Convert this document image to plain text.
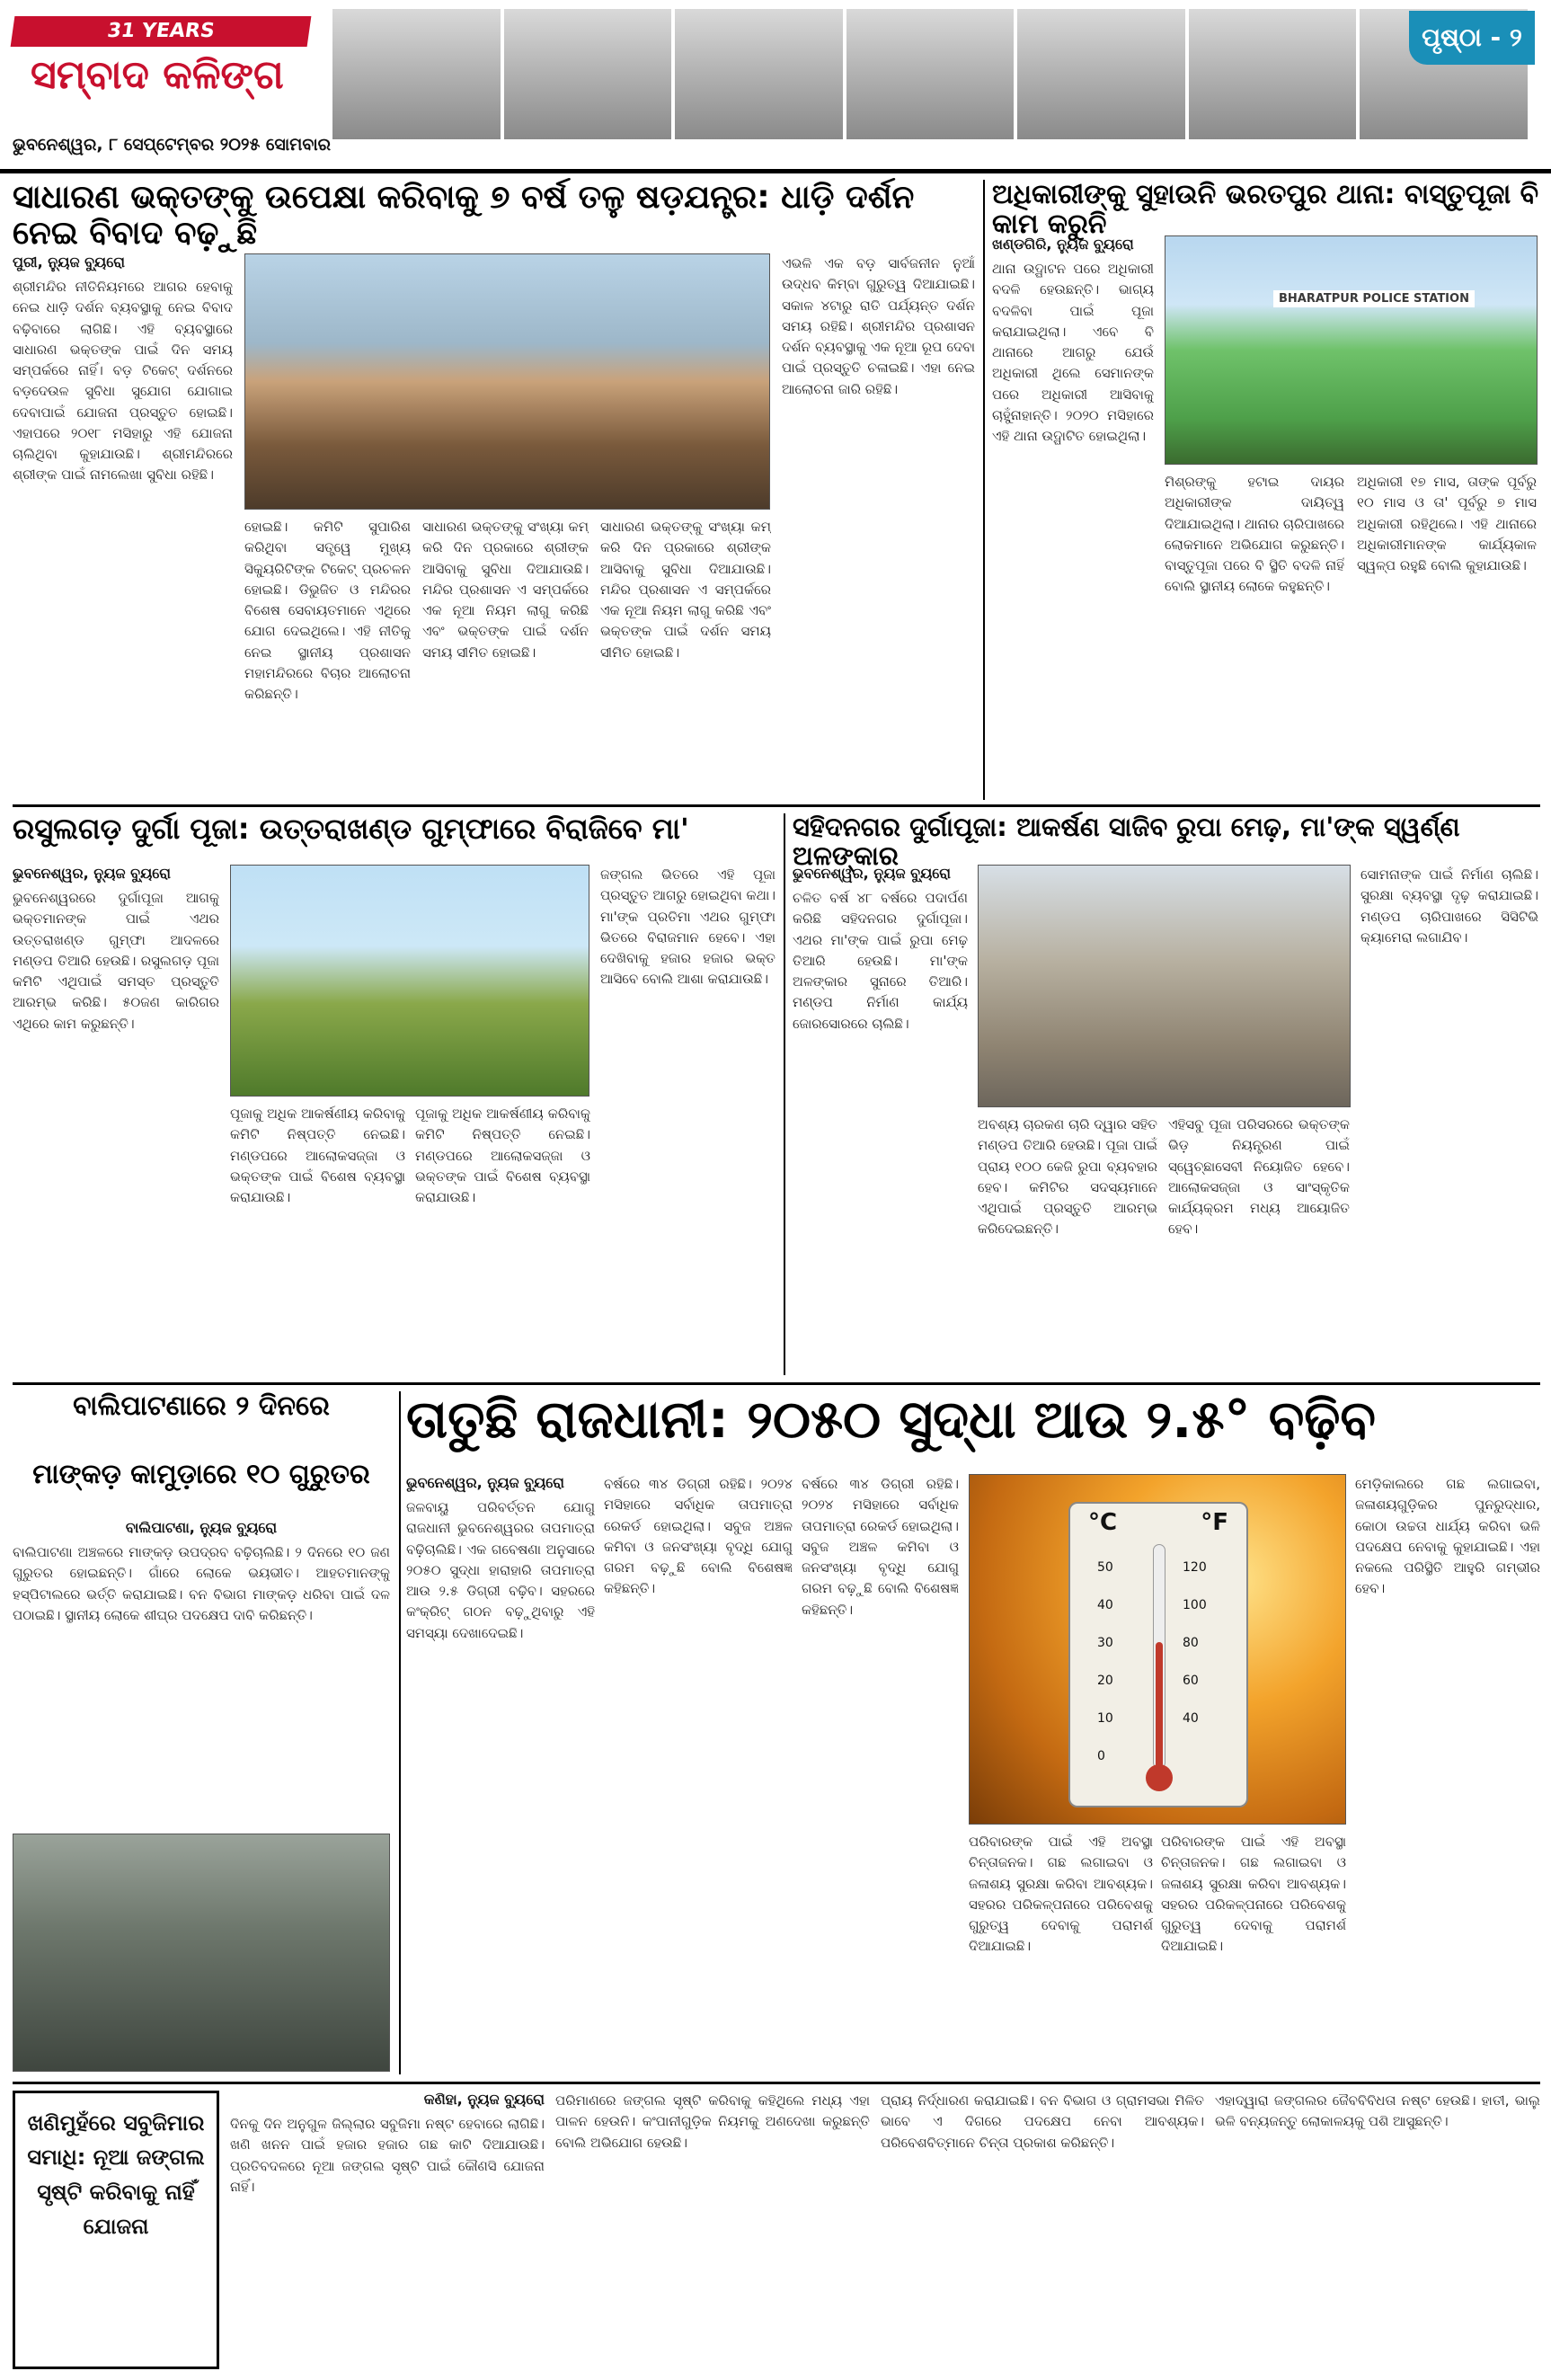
31 YEARS
ସମ୍ବାଦ କଳିଙ୍ଗ
ଭୁବନେଶ୍ୱର, ୮ ସେପ୍ଟେମ୍ବର ୨୦୨୫ ସୋମବାର
ପୃଷ୍ଠା - ୨
ସାଧାରଣ ଭକ୍ତଙ୍କୁ ଉପେକ୍ଷା କରିବାକୁ ୭ ବର୍ଷ ତଳୁ ଷଡ଼ଯନ୍ତ୍ର: ଧାଡ଼ି ଦର୍ଶନ ନେଇ ବିବାଦ ବଢ଼ୁଛି
ପୁରୀ, ନ୍ୟୁଜ ବ୍ୟୁରୋ
ଶ୍ରୀମନ୍ଦିର ନୀତିନିୟମରେ ଆଗର ହେବାକୁ ନେଇ ଧାଡ଼ି ଦର୍ଶନ ବ୍ୟବସ୍ଥାକୁ ନେଇ ବିବାଦ ବଢ଼ିବାରେ ଲାଗିଛି। ଏହି ବ୍ୟବସ୍ଥାରେ ସାଧାରଣ ଭକ୍ତଙ୍କ ପାଇଁ ଦିନ ସମୟ ସମ୍ପର୍କରେ ନାହିଁ। ବଡ଼ ଟିକେଟ୍ ଦର୍ଶନରେ ବଡ଼ଦେଉଳ ସୁବିଧା ସୁଯୋଗ ଯୋଗାଇ ଦେବାପାଇଁ ଯୋଜନା ପ୍ରସ୍ତୁତ ହୋଇଛି। ଏହାପରେ ୨୦୧୮ ମସିହାରୁ ଏହି ଯୋଜନା ଚାଲିଥିବା କୁହାଯାଉଛି। ଶ୍ରୀମନ୍ଦିରରେ ଶ୍ରୀଙ୍କ ପାଇଁ ନାମଲେଖା ସୁବିଧା ରହିଛି।
ହୋଇଛି। କମିଟି ସୁପାରିଶ କରିଥିବା ସତ୍ତ୍ୱେ ମୁଖ୍ୟ ସିକ୍ୟୁରିଟିଙ୍କ ଟିକେଟ୍ ପ୍ରଚଳନ ହୋଇଛି। ଡିଭୁଜିତ ଓ ମନ୍ଦିରର ବିଶେଷ ସେବାୟତମାନେ ଏଥିରେ ଯୋଗ ଦେଇଥିଲେ। ଏହି ନୀତିକୁ ନେଇ ସ୍ଥାନୀୟ ପ୍ରଶାସନ ମହାମନ୍ଦିରରେ ବିଚାର ଆଲୋଚନା କରିଛନ୍ତି।
ସାଧାରଣ ଭକ୍ତଙ୍କୁ ସଂଖ୍ୟା କମ୍ କରି ଦିନ ପ୍ରକାରେ ଶ୍ରୀଙ୍କ ଆସିବାକୁ ସୁବିଧା ଦିଆଯାଉଛି। ମନ୍ଦିର ପ୍ରଶାସନ ଏ ସମ୍ପର୍କରେ ଏକ ନୂଆ ନିୟମ ଲାଗୁ କରିଛି ଏବଂ ଭକ୍ତଙ୍କ ପାଇଁ ଦର୍ଶନ ସମୟ ସୀମିତ ହୋଇଛି।
ସାଧାରଣ ଭକ୍ତଙ୍କୁ ସଂଖ୍ୟା କମ୍ କରି ଦିନ ପ୍ରକାରେ ଶ୍ରୀଙ୍କ ଆସିବାକୁ ସୁବିଧା ଦିଆଯାଉଛି। ମନ୍ଦିର ପ୍ରଶାସନ ଏ ସମ୍ପର୍କରେ ଏକ ନୂଆ ନିୟମ ଲାଗୁ କରିଛି ଏବଂ ଭକ୍ତଙ୍କ ପାଇଁ ଦର୍ଶନ ସମୟ ସୀମିତ ହୋଇଛି।
ଏଭଳି ଏକ ବଡ଼ ସାର୍ବଜନୀନ ନୁଆଁ ଉଦ୍ଧବ କିମ୍ବା ଗୁରୁତ୍ୱ ଦିଆଯାଇଛି। ସକାଳ ୪ଟାରୁ ରାତି ପର୍ଯ୍ୟନ୍ତ ଦର୍ଶନ ସମୟ ରହିଛି। ଶ୍ରୀମନ୍ଦିର ପ୍ରଶାସନ ଦର୍ଶନ ବ୍ୟବସ୍ଥାକୁ ଏକ ନୂଆ ରୂପ ଦେବା ପାଇଁ ପ୍ରସ୍ତୁତି ଚଳାଇଛି। ଏହା ନେଇ ଆଲୋଚନା ଜାରି ରହିଛି।
ଅଧିକାରୀଙ୍କୁ ସୁହାଉନି ଭରତପୁର ଥାନା: ବାସ୍ତୁପୂଜା ବି କାମ କରୁନି
ଖଣ୍ଡଗିରି, ନ୍ୟୁଜ ବ୍ୟୁରୋ
ଥାନା ଉଦ୍ଘାଟନ ପରେ ଅଧିକାରୀ ବଦଳି ହେଉଛନ୍ତି। ଭାଗ୍ୟ ବଦଳିବା ପାଇଁ ପୂଜା କରାଯାଇଥିଲା। ଏବେ ବି ଥାନାରେ ଆଗରୁ ଯେଉଁ ଅଧିକାରୀ ଥିଲେ ସେମାନଙ୍କ ପରେ ଅଧିକାରୀ ଆସିବାକୁ ଚାହୁଁନାହାନ୍ତି। ୨୦୨୦ ମସିହାରେ ଏହି ଥାନା ଉଦ୍ଘାଟିତ ହୋଇଥିଲା।
BHARATPUR POLICE STATION
ମିଶ୍ରଙ୍କୁ ହଟାଇ ଦାୟର ଅଧିକାରୀଙ୍କ ଦାୟିତ୍ୱ ଦିଆଯାଇଥିଲା। ଥାନାର ଚାରିପାଖରେ ଲୋକମାନେ ଅଭିଯୋଗ କରୁଛନ୍ତି। ବାସ୍ତୁପୂଜା ପରେ ବି ସ୍ଥିତି ବଦଳି ନାହିଁ ବୋଲି ସ୍ଥାନୀୟ ଲୋକେ କହୁଛନ୍ତି।
ଅଧିକାରୀ ୧୭ ମାସ, ତାଙ୍କ ପୂର୍ବରୁ ୧୦ ମାସ ଓ ତା' ପୂର୍ବରୁ ୭ ମାସ ଅଧିକାରୀ ରହିଥିଲେ। ଏହି ଥାନାରେ ଅଧିକାରୀମାନଙ୍କ କାର୍ଯ୍ୟକାଳ ସ୍ୱଳ୍ପ ରହୁଛି ବୋଲି କୁହାଯାଉଛି।
ରସୁଲଗଡ଼ ଦୁର୍ଗା ପୂଜା: ଉତ୍ତରାଖଣ୍ଡ ଗୁମ୍ଫାରେ ବିରାଜିବେ ମା'
ଭୁବନେଶ୍ୱର, ନ୍ୟୁଜ ବ୍ୟୁରୋ
ଭୁବନେଶ୍ୱରରେ ଦୁର୍ଗାପୂଜା ଆଗକୁ ଭକ୍ତମାନଙ୍କ ପାଇଁ ଏଥର ଉତ୍ତରାଖଣ୍ଡ ଗୁମ୍ଫା ଆଦଳରେ ମଣ୍ଡପ ତିଆରି ହେଉଛି। ରସୁଲଗଡ଼ ପୂଜା କମିଟି ଏଥିପାଇଁ ସମସ୍ତ ପ୍ରସ୍ତୁତି ଆରମ୍ଭ କରିଛି। ୫୦ଜଣ କାରିଗର ଏଥିରେ କାମ କରୁଛନ୍ତି।
ପୂଜାକୁ ଅଧିକ ଆକର୍ଷଣୀୟ କରିବାକୁ କମିଟି ନିଷ୍ପତ୍ତି ନେଇଛି। ମଣ୍ଡପରେ ଆଲୋକସଜ୍ଜା ଓ ଭକ୍ତଙ୍କ ପାଇଁ ବିଶେଷ ବ୍ୟବସ୍ଥା କରାଯାଉଛି।
ପୂଜାକୁ ଅଧିକ ଆକର୍ଷଣୀୟ କରିବାକୁ କମିଟି ନିଷ୍ପତ୍ତି ନେଇଛି। ମଣ୍ଡପରେ ଆଲୋକସଜ୍ଜା ଓ ଭକ୍ତଙ୍କ ପାଇଁ ବିଶେଷ ବ୍ୟବସ୍ଥା କରାଯାଉଛି।
ଜଙ୍ଗଲ ଭିତରେ ଏହି ପୂଜା ପ୍ରସ୍ତୁତ ଆଗରୁ ହୋଇଥିବା କଥା। ମା'ଙ୍କ ପ୍ରତିମା ଏଥର ଗୁମ୍ଫା ଭିତରେ ବିରାଜମାନ ହେବେ। ଏହା ଦେଖିବାକୁ ହଜାର ହଜାର ଭକ୍ତ ଆସିବେ ବୋଲି ଆଶା କରାଯାଉଛି।
ସହିଦନଗର ଦୁର୍ଗାପୂଜା: ଆକର୍ଷଣ ସାଜିବ ରୁପା ମେଢ଼, ମା'ଙ୍କ ସ୍ୱର୍ଣ୍ଣ ଅଳଙ୍କାର
ଭୁବନେଶ୍ୱର, ନ୍ୟୁଜ ବ୍ୟୁରୋ
ଚଳିତ ବର୍ଷ ୪୮ ବର୍ଷରେ ପଦାର୍ପଣ କରିଛି ସହିଦନଗର ଦୁର୍ଗାପୂଜା। ଏଥର ମା'ଙ୍କ ପାଇଁ ରୁପା ମେଢ଼ ତିଆରି ହେଉଛି। ମା'ଙ୍କ ଅଳଙ୍କାର ସୁନାରେ ତିଆରି। ମଣ୍ଡପ ନିର୍ମାଣ କାର୍ଯ୍ୟ ଜୋରସୋରରେ ଚାଲିଛି।
ଅବଶ୍ୟ ଚାରକଣ ଚାରି ଦ୍ୱାର ସହିତ ମଣ୍ଡପ ତିଆରି ହେଉଛି। ପୂଜା ପାଇଁ ପ୍ରାୟ ୧୦୦ କେଜି ରୁପା ବ୍ୟବହାର ହେବ। କମିଟିର ସଦସ୍ୟମାନେ ଏଥିପାଇଁ ପ୍ରସ୍ତୁତି ଆରମ୍ଭ କରିଦେଇଛନ୍ତି।
ଏହିସବୁ ପୂଜା ପରିସରରେ ଭକ୍ତଙ୍କ ଭିଡ଼ ନିୟନ୍ତ୍ରଣ ପାଇଁ ସ୍ୱେଚ୍ଛାସେବୀ ନିୟୋଜିତ ହେବେ। ଆଲୋକସଜ୍ଜା ଓ ସାଂସ୍କୃତିକ କାର୍ଯ୍ୟକ୍ରମ ମଧ୍ୟ ଆୟୋଜିତ ହେବ।
ସୋମନାଙ୍କ ପାଇଁ ନିର୍ମାଣ ଚାଲିଛି। ସୁରକ୍ଷା ବ୍ୟବସ୍ଥା ଦୃଢ଼ କରାଯାଇଛି। ମଣ୍ଡପ ଚାରିପାଖରେ ସିସିଟିଭି କ୍ୟାମେରା ଲଗାଯିବ।
ବାଲିପାଟଣାରେ ୨ ଦିନରେ
ମାଙ୍କଡ଼ କାମୁଡ଼ାରେ ୧୦ ଗୁରୁତର
ବାଲିପାଟଣା, ନ୍ୟୁଜ ବ୍ୟୁରୋ
ବାଲିପାଟଣା ଅଞ୍ଚଳରେ ମାଙ୍କଡ଼ ଉପଦ୍ରବ ବଢ଼ିଚାଲିଛି। ୨ ଦିନରେ ୧୦ ଜଣ ଗୁରୁତର ହୋଇଛନ୍ତି। ଗାଁରେ ଲୋକେ ଭୟଭୀତ। ଆହତମାନଙ୍କୁ ହସ୍ପିଟାଲରେ ଭର୍ତ୍ତି କରାଯାଇଛି। ବନ ବିଭାଗ ମାଙ୍କଡ଼ ଧରିବା ପାଇଁ ଦଳ ପଠାଇଛି। ସ୍ଥାନୀୟ ଲୋକେ ଶୀଘ୍ର ପଦକ୍ଷେପ ଦାବି କରିଛନ୍ତି।
ତାତୁଛି ରାଜଧାନୀ: ୨୦୫୦ ସୁଦ୍ଧା ଆଉ ୨.୫° ବଢ଼ିବ
ଭୁବନେଶ୍ୱର, ନ୍ୟୁଜ ବ୍ୟୁରୋ
ଜଳବାୟୁ ପରିବର୍ତ୍ତନ ଯୋଗୁ ରାଜଧାନୀ ଭୁବନେଶ୍ୱରର ତାପମାତ୍ରା ବଢ଼ିଚାଲିଛି। ଏକ ଗବେଷଣା ଅନୁସାରେ ୨୦୫୦ ସୁଦ୍ଧା ହାରାହାରି ତାପମାତ୍ରା ଆଉ ୨.୫ ଡିଗ୍ରୀ ବଢ଼ିବ। ସହରରେ କଂକ୍ରିଟ୍ ଗଠନ ବଢ଼ୁଥିବାରୁ ଏହି ସମସ୍ୟା ଦେଖାଦେଇଛି।
ବର୍ଷରେ ୩୪ ଡିଗ୍ରୀ ରହିଛି। ୨୦୨୪ ମସିହାରେ ସର୍ବାଧିକ ତାପମାତ୍ରା ରେକର୍ଡ ହୋଇଥିଲା। ସବୁଜ ଅଞ୍ଚଳ କମିବା ଓ ଜନସଂଖ୍ୟା ବୃଦ୍ଧି ଯୋଗୁ ଗରମ ବଢ଼ୁଛି ବୋଲି ବିଶେଷଜ୍ଞ କହିଛନ୍ତି।
ବର୍ଷରେ ୩୪ ଡିଗ୍ରୀ ରହିଛି। ୨୦୨୪ ମସିହାରେ ସର୍ବାଧିକ ତାପମାତ୍ରା ରେକର୍ଡ ହୋଇଥିଲା। ସବୁଜ ଅଞ୍ଚଳ କମିବା ଓ ଜନସଂଖ୍ୟା ବୃଦ୍ଧି ଯୋଗୁ ଗରମ ବଢ଼ୁଛି ବୋଲି ବିଶେଷଜ୍ଞ କହିଛନ୍ତି।
°C	°F
50
40
30
20
10
0
120
100
80
60
40
ପରିବାରଙ୍କ ପାଇଁ ଏହି ଅବସ୍ଥା ଚିନ୍ତାଜନକ। ଗଛ ଲଗାଇବା ଓ ଜଳାଶୟ ସୁରକ୍ଷା କରିବା ଆବଶ୍ୟକ। ସହରର ପରିକଳ୍ପନାରେ ପରିବେଶକୁ ଗୁରୁତ୍ୱ ଦେବାକୁ ପରାମର୍ଶ ଦିଆଯାଇଛି।
ପରିବାରଙ୍କ ପାଇଁ ଏହି ଅବସ୍ଥା ଚିନ୍ତାଜନକ। ଗଛ ଲଗାଇବା ଓ ଜଳାଶୟ ସୁରକ୍ଷା କରିବା ଆବଶ୍ୟକ। ସହରର ପରିକଳ୍ପନାରେ ପରିବେଶକୁ ଗୁରୁତ୍ୱ ଦେବାକୁ ପରାମର୍ଶ ଦିଆଯାଇଛି।
ମେଡ଼ିକାଲରେ ଗଛ ଲଗାଇବା, ଜଳାଶୟଗୁଡ଼ିକର ପୁନରୁଦ୍ଧାର, କୋଠା ଉଚ୍ଚତା ଧାର୍ଯ୍ୟ କରିବା ଭଳି ପଦକ୍ଷେପ ନେବାକୁ କୁହାଯାଇଛି। ଏହା ନକଲେ ପରିସ୍ଥିତି ଆହୁରି ଗମ୍ଭୀର ହେବ।
ଖଣିମୁହଁରେ ସବୁଜିମାର
ସମାଧି: ନୂଆ ଜଙ୍ଗଲ
ସୃଷ୍ଟି କରିବାକୁ ନାହିଁ
ଯୋଜନା
କଣିହା, ନ୍ୟୁଜ ବ୍ୟୁରୋ
ଦିନକୁ ଦିନ ଅନୁଗୁଳ ଜିଲ୍ଲାର ସବୁଜିମା ନଷ୍ଟ ହେବାରେ ଲାଗିଛି। ଖଣି ଖନନ ପାଇଁ ହଜାର ହଜାର ଗଛ କାଟି ଦିଆଯାଉଛି। ପ୍ରତିବଦଳରେ ନୂଆ ଜଙ୍ଗଲ ସୃଷ୍ଟି ପାଇଁ କୌଣସି ଯୋଜନା ନାହିଁ।
ପରିମାଣରେ ଜଙ୍ଗଲ ସୃଷ୍ଟି କରିବାକୁ କହିଥିଲେ ମଧ୍ୟ ଏହା ପାଳନ ହେଉନି। କଂପାନୀଗୁଡ଼ିକ ନିୟମକୁ ଅଣଦେଖା କରୁଛନ୍ତି ବୋଲି ଅଭିଯୋଗ ହେଉଛି।
ପ୍ରାୟ ନିର୍ଦ୍ଧାରଣ କରାଯାଇଛି। ବନ ବିଭାଗ ଓ ଗ୍ରାମସଭା ମିଳିତ ଭାବେ ଏ ଦିଗରେ ପଦକ୍ଷେପ ନେବା ଆବଶ୍ୟକ। ପରିବେଶବିତ୍ମାନେ ଚିନ୍ତା ପ୍ରକାଶ କରିଛନ୍ତି।
ଏହାଦ୍ୱାରା ଜଙ୍ଗଲର ଜୈବବିବିଧତା ନଷ୍ଟ ହେଉଛି। ହାତୀ, ଭାଲୁ ଭଳି ବନ୍ୟଜନ୍ତୁ ଲୋକାଳୟକୁ ପଶି ଆସୁଛନ୍ତି।
